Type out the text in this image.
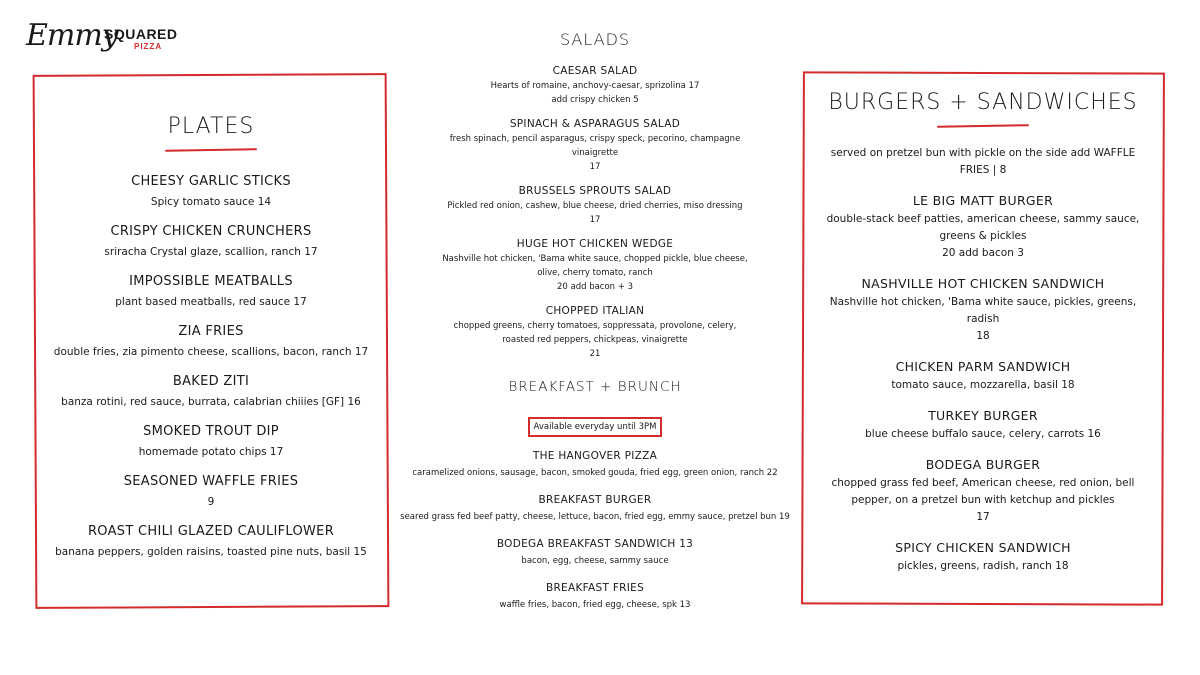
Emmy
SQUARED
PIZZA
PLATES
CHEESY GARLIC STICKS
Spicy tomato sauce 14
CRISPY CHICKEN CRUNCHERS
sriracha Crystal glaze, scallion, ranch 17
IMPOSSIBLE MEATBALLS
plant based meatballs, red sauce 17
ZIA FRIES
double fries, zia pimento cheese, scallions, bacon, ranch 17
BAKED ZITI
banza rotini, red sauce, burrata, calabrian chiiies [GF] 16
SMOKED TROUT DIP
homemade potato chips 17
SEASONED WAFFLE FRIES
9
ROAST CHILI GLAZED CAULIFLOWER
banana peppers, golden raisins, toasted pine nuts, basil 15
SALADS
CAESAR SALAD
Hearts of romaine, anchovy-caesar, sprizolina 17
add crispy chicken 5
SPINACH & ASPARAGUS SALAD
fresh spinach, pencil asparagus, crispy speck, pecorino, champagne vinaigrette
17
BRUSSELS SPROUTS SALAD
Pickled red onion, cashew, blue cheese, dried cherries, miso dressing
17
HUGE HOT CHICKEN WEDGE
Nashville hot chicken, 'Bama white sauce, chopped pickle, blue cheese, olive, cherry tomato, ranch
20 add bacon + 3
CHOPPED ITALIAN
chopped greens, cherry tomatoes, soppressata, provolone, celery, roasted red peppers, chickpeas, vinaigrette
21
BREAKFAST + BRUNCH
Available everyday until 3PM
THE HANGOVER PIZZA
caramelized onions, sausage, bacon, smoked gouda, fried egg, green onion, ranch 22
BREAKFAST BURGER
seared grass fed beef patty, cheese, lettuce, bacon, fried egg, emmy sauce, pretzel bun 19
BODEGA BREAKFAST SANDWICH 13
bacon, egg, cheese, sammy sauce
BREAKFAST FRIES
waffle fries, bacon, fried egg, cheese, spk 13
BURGERS + SANDWICHES
served on pretzel bun with pickle on the side add WAFFLE FRIES | 8
LE BIG MATT BURGER
double-stack beef patties, american cheese, sammy sauce, greens & pickles
20 add bacon 3
NASHVILLE HOT CHICKEN SANDWICH
Nashville hot chicken, 'Bama white sauce, pickles, greens, radish
18
CHICKEN PARM SANDWICH
tomato sauce, mozzarella, basil 18
TURKEY BURGER
blue cheese buffalo sauce, celery, carrots 16
BODEGA BURGER
chopped grass fed beef, American cheese, red onion, bell pepper, on a pretzel bun with ketchup and pickles
17
SPICY CHICKEN SANDWICH
pickles, greens, radish, ranch 18
